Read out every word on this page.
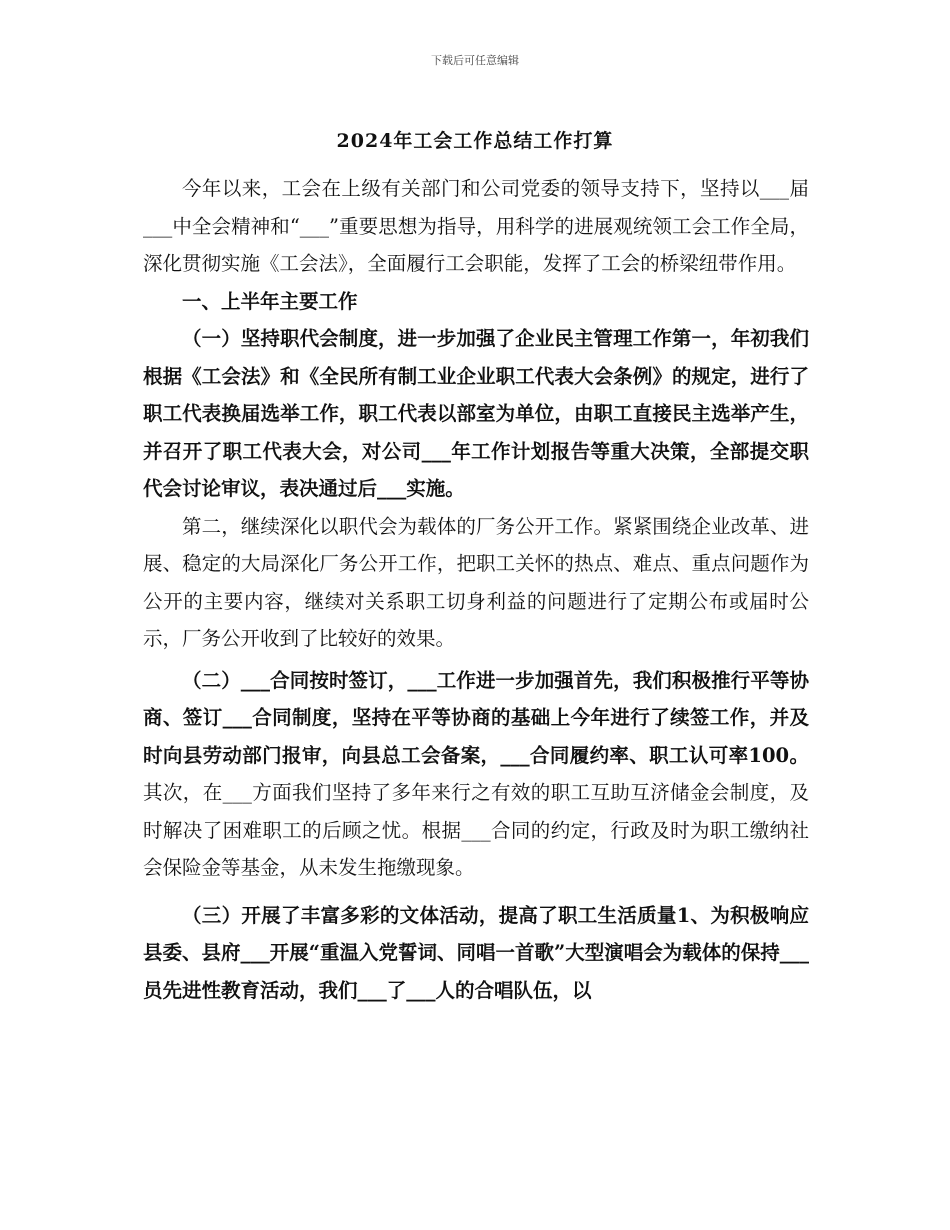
下载后可任意编辑
2024年工会工作总结工作打算

今年以来，工会在上级有关部门和公司党委的领导支持下，坚持以___届___中全会精神和“___”重要思想为指导，用科学的进展观统领工会工作全局，深化贯彻实施《工会法》，全面履行工会职能，发挥了工会的桥梁纽带作用。

一、上半年主要工作

（一）坚持职代会制度，进一步加强了企业民主管理工作第一，年初我们根据《工会法》和《全民所有制工业企业职工代表大会条例》的规定，进行了职工代表换届选举工作，职工代表以部室为单位，由职工直接民主选举产生，并召开了职工代表大会，对公司___年工作计划报告等重大决策，全部提交职代会讨论审议，表决通过后___实施。

第二，继续深化以职代会为载体的厂务公开工作。紧紧围绕企业改革、进展、稳定的大局深化厂务公开工作，把职工关怀的热点、难点、重点问题作为公开的主要内容，继续对关系职工切身利益的问题进行了定期公布或届时公示，厂务公开收到了比较好的效果。

（二）___合同按时签订，___工作进一步加强首先，我们积极推行平等协商、签订___合同制度，坚持在平等协商的基础上今年进行了续签工作，并及时向县劳动部门报审，向县总工会备案，___合同履约率、职工认可率100。其次，在___方面我们坚持了多年来行之有效的职工互助互济储金会制度，及时解决了困难职工的后顾之忧。根据___合同的约定，行政及时为职工缴纳社会保险金等基金，从未发生拖缴现象。

（三）开展了丰富多彩的文体活动，提高了职工生活质量1、为积极响应县委、县府___开展“重温入党誓词、同唱一首歌”大型演唱会为载体的保持___员先进性教育活动，我们___了___人的合唱队伍，以
